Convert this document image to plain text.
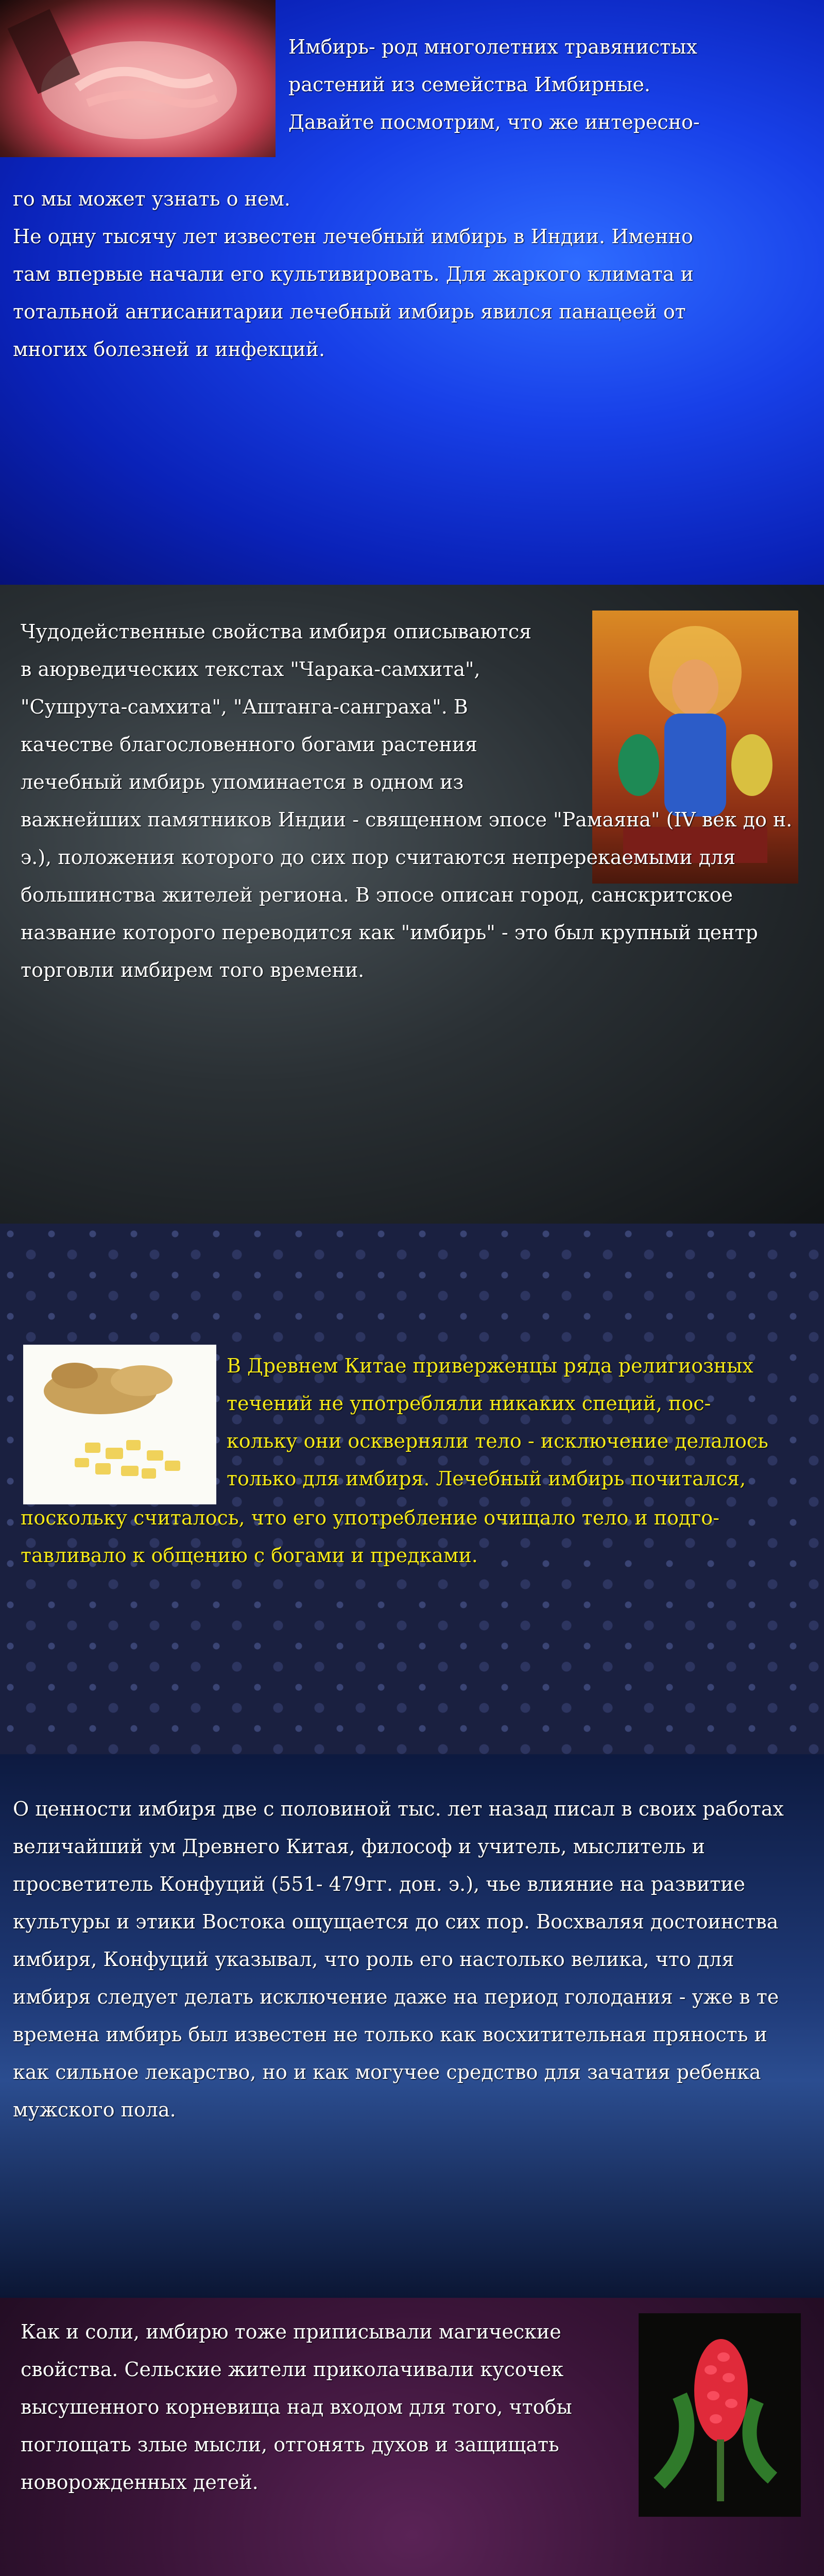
Имбирь- род многолетних травянистых

растений из семейства Имбирные.

Давайте посмотрим, что же интересно-

го мы может узнать о нем.

Не одну тысячу лет известен лечебный имбирь в Индии. Именно

там впервые начали его культивировать. Для жаркого климата и

тотальной антисанитарии лечебный имбирь явился панацеей от

многих болезней и инфекций.

Чудодейственные свойства имбиря описываются

в аюрведических текстах "Чарака-самхита",

"Сушрута-самхита", "Аштанга-санграха". В

качестве благословенного богами растения

лечебный имбирь упоминается в одном из

важнейших памятников Индии - священном эпосе "Рамаяна" (IV век до н.

э.), положения которого до сих пор считаются непререкаемыми для

большинства жителей региона. В эпосе описан город, санскритское

название которого переводится как "имбирь" - это был крупный центр

торговли имбирем того времени.

В Древнем Китае приверженцы ряда религиозных

течений не употребляли никаких специй, пос-

кольку они оскверняли тело - исключение делалось

только для имбиря. Лечебный имбирь почитался,

поскольку считалось, что его употребление очищало тело и подго-

тавливало к общению с богами и предками.

О ценности имбиря две с половиной тыс. лет назад писал в своих работах

величайший ум Древнего Китая, философ и учитель, мыслитель и

просветитель Конфуций (551- 479гг. дон. э.), чье влияние на развитие

культуры и этики Востока ощущается до сих пор. Восхваляя достоинства

имбиря, Конфуций указывал, что роль его настолько велика, что для

имбиря следует делать исключение даже на период голодания - уже в те

времена имбирь был известен не только как восхитительная пряность и

как сильное лекарство, но и как могучее средство для зачатия ребенка

мужского пола.

Как и соли, имбирю тоже приписывали магические

свойства. Сельские жители приколачивали кусочек

высушенного корневища над входом для того, чтобы

поглощать злые мысли, отгонять духов и защищать

новорожденных детей.
